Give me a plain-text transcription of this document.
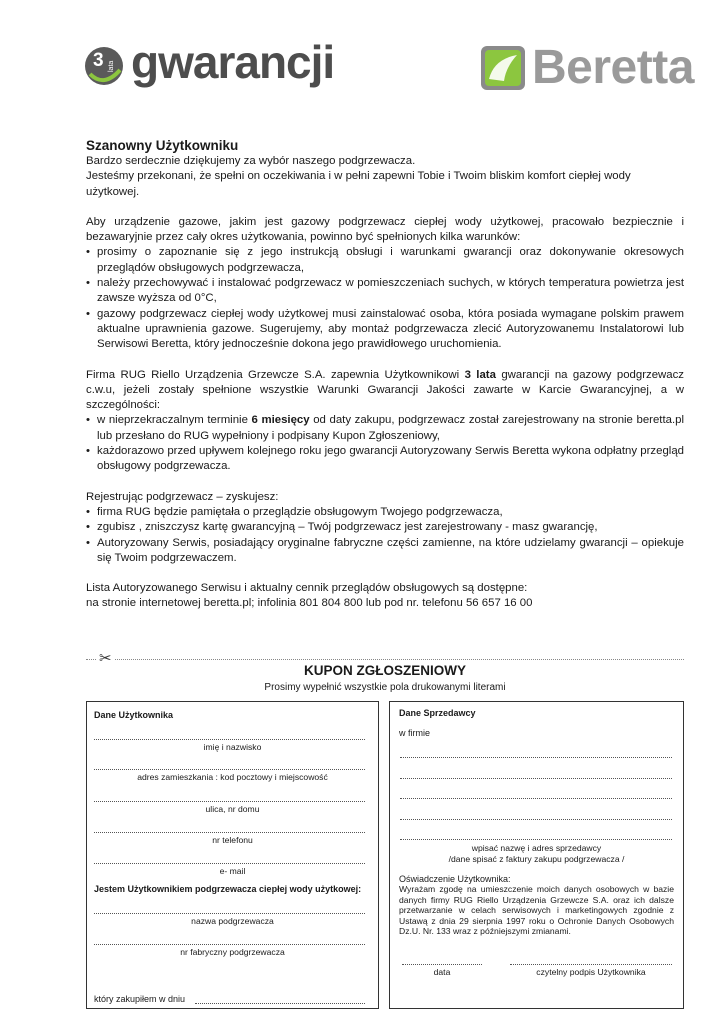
3 lata gwarancji	Beretta

Szanowny Użytkowniku

Bardzo serdecznie dziękujemy za wybór naszego podgrzewacza.

Jesteśmy przekonani, że spełni on oczekiwania i w pełni zapewni Tobie i Twoim bliskim komfort ciepłej wody użytkowej.

Aby urządzenie gazowe, jakim jest gazowy podgrzewacz ciepłej wody użytkowej, pracowało bezpiecznie i bezawaryjnie przez cały okres użytkowania, powinno być spełnionych kilka warunków:

• prosimy o zapoznanie się z jego instrukcją obsługi i warunkami gwarancji oraz dokonywanie okresowych przeglądów obsługowych podgrzewacza,
• należy przechowywać i instalować podgrzewacz w pomieszczeniach suchych, w których temperatura powietrza jest zawsze wyższa od 0°C,
• gazowy podgrzewacz ciepłej wody użytkowej musi zainstalować osoba, która posiada wymagane polskim prawem aktualne uprawnienia gazowe. Sugerujemy, aby montaż podgrzewacza zlecić Autoryzowanemu Instalatorowi lub Serwisowi Beretta, który jednocześnie dokona jego prawidłowego uruchomienia.

Firma RUG Riello Urządzenia Grzewcze S.A. zapewnia Użytkownikowi 3 lata gwarancji na gazowy podgrzewacz c.w.u, jeżeli zostały spełnione wszystkie Warunki Gwarancji Jakości zawarte w Karcie Gwarancyjnej, a w szczególności:

• w nieprzekraczalnym terminie 6 miesięcy od daty zakupu, podgrzewacz został zarejestrowany na stronie beretta.pl lub przesłano do RUG wypełniony i podpisany Kupon Zgłoszeniowy,
• każdorazowo przed upływem kolejnego roku jego gwarancji Autoryzowany Serwis Beretta wykona odpłatny przegląd obsługowy podgrzewacza.

Rejestrując podgrzewacz – zyskujesz:

• firma RUG będzie pamiętała o przeglądzie obsługowym Twojego podgrzewacza,
• zgubisz , zniszczysz kartę gwarancyjną – Twój podgrzewacz jest zarejestrowany - masz gwarancję,
• Autoryzowany Serwis, posiadający oryginalne fabryczne części zamienne, na które udzielamy gwarancji – opiekuje się Twoim podgrzewaczem.

Lista Autoryzowanego Serwisu i aktualny cennik przeglądów obsługowych są dostępne:

na stronie internetowej beretta.pl; infolinia 801 804 800 lub pod nr. telefonu 56 657 16 00

✂
KUPON ZGŁOSZENIOWY
Prosimy wypełnić wszystkie pola drukowanymi literami
Dane Użytkownika
imię i nazwisko
adres zamieszkania : kod pocztowy i miejscowość
ulica, nr domu
nr telefonu
e- mail
Jestem Użytkownikiem podgrzewacza ciepłej wody użytkowej:
nazwa podgrzewacza
nr fabryczny podgrzewacza
który zakupiłem w dniu
Dane Sprzedawcy
w firmie
wpisać nazwę i adres sprzedawcy
/dane spisać z faktury zakupu podgrzewacza /
Oświadczenie Użytkownika:
Wyrażam zgodę na umieszczenie moich danych osobowych w bazie danych firmy RUG Riello Urządzenia Grzewcze S.A. oraz ich dalsze przetwarzanie w celach serwisowych i marketingowych zgodnie z Ustawą z dnia 29 sierpnia 1997 roku o Ochronie Danych Osobowych Dz.U. Nr. 133 wraz z późniejszymi zmianami.
data	czytelny podpis Użytkownika
